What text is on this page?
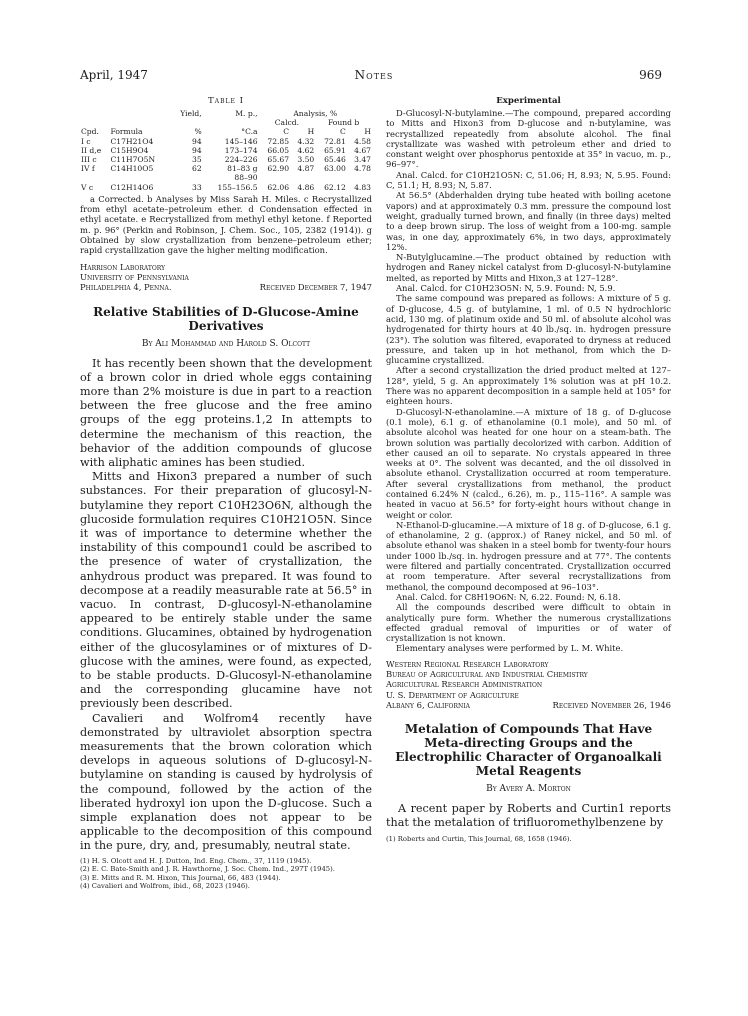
April, 1947	Notes	969
Table I
		Yield,	M. p.,	Analysis, %			
				Calcd.		Found b	
Cpd.	Formula	%	°C.a	C	H	C	H
I c	C17H21O4	94	145–146	72.85	4.32	72.81	4.58
II d,e	C15H9O4	94	173–174	66.05	4.62	65.91	4.67
III c	C11H7O5N	35	224–226	65.67	3.50	65.46	3.47
IV f	C14H10O5	62	81–83 g	62.90	4.87	63.00	4.78
			88–90				
V c	C12H14O6	33	155–156.5	62.06	4.86	62.12	4.83

a Corrected. b Analyses by Miss Sarah H. Miles. c Recrystallized from ethyl acetate–petroleum ether. d Condensation effected in ethyl acetate. e Recrystallized from methyl ethyl ketone. f Reported m. p. 96° (Perkin and Robinson, J. Chem. Soc., 105, 2382 (1914)). g Obtained by slow crystallization from benzene–petroleum ether; rapid crystallization gave the higher melting modification.

Harrison Laboratory

University of Pennsylvania

Philadelphia 4, Penna.	Received December 7, 1947

Relative Stabilities of D-Glucose-Amine Derivatives

By Ali Mohammad and Harold S. Olcott

It has recently been shown that the development of a brown color in dried whole eggs containing more than 2% moisture is due in part to a reaction between the free glucose and the free amino groups of the egg proteins.1,2 In attempts to determine the mechanism of this reaction, the behavior of the addition compounds of glucose with aliphatic amines has been studied.

Mitts and Hixon3 prepared a number of such substances. For their preparation of glucosyl-N-butylamine they report C10H23O6N, although the glucoside formulation requires C10H21O5N. Since it was of importance to determine whether the instability of this compound1 could be ascribed to the presence of water of crystallization, the anhydrous product was prepared. It was found to decompose at a readily measurable rate at 56.5° in vacuo. In contrast, D-glucosyl-N-ethanolamine appeared to be entirely stable under the same conditions. Glucamines, obtained by hydrogenation either of the glucosylamines or of mixtures of D-glucose with the amines, were found, as expected, to be stable products. D-Glucosyl-N-ethanolamine and the corresponding glucamine have not previously been described.

Cavalieri and Wolfrom4 recently have demonstrated by ultraviolet absorption spectra measurements that the brown coloration which develops in aqueous solutions of D-glucosyl-N-butylamine on standing is caused by hydrolysis of the compound, followed by the action of the liberated hydroxyl ion upon the D-glucose. Such a simple explanation does not appear to be applicable to the decomposition of this compound in the pure, dry, and, presumably, neutral state.

(1) H. S. Olcott and H. J. Dutton, Ind. Eng. Chem., 37, 1119 (1945).

(2) E. C. Bate-Smith and J. R. Hawthorne, J. Soc. Chem. Ind., 297T (1945).

(3) E. Mitts and R. M. Hixon, This Journal, 66, 483 (1944).

(4) Cavalieri and Wolfrom, ibid., 68, 2023 (1946).

Experimental

D-Glucosyl-N-butylamine.—The compound, prepared according to Mitts and Hixon3 from D-glucose and n-butylamine, was recrystallized repeatedly from absolute alcohol. The final crystallizate was washed with petroleum ether and dried to constant weight over phosphorus pentoxide at 35° in vacuo, m. p., 96–97°.

Anal. Calcd. for C10H21O5N: C, 51.06; H, 8.93; N, 5.95. Found: C, 51.1; H, 8.93; N, 5.87.

At 56.5° (Abderhalden drying tube heated with boiling acetone vapors) and at approximately 0.3 mm. pressure the compound lost weight, gradually turned brown, and finally (in three days) melted to a deep brown sirup. The loss of weight from a 100-mg. sample was, in one day, approximately 6%, in two days, approximately 12%.

N-Butylglucamine.—The product obtained by reduction with hydrogen and Raney nickel catalyst from D-glucosyl-N-butylamine melted, as reported by Mitts and Hixon,3 at 127–128°.

Anal. Calcd. for C10H23O5N: N, 5.9. Found: N, 5.9.

The same compound was prepared as follows: A mixture of 5 g. of D-glucose, 4.5 g. of butylamine, 1 ml. of 0.5 N hydrochloric acid, 130 mg. of platinum oxide and 50 ml. of absolute alcohol was hydrogenated for thirty hours at 40 lb./sq. in. hydrogen pressure (23°). The solution was filtered, evaporated to dryness at reduced pressure, and taken up in hot methanol, from which the D-glucamine crystallized.

After a second crystallization the dried product melted at 127–128°, yield, 5 g. An approximately 1% solution was at pH 10.2. There was no apparent decomposition in a sample held at 105° for eighteen hours.

D-Glucosyl-N-ethanolamine.—A mixture of 18 g. of D-glucose (0.1 mole), 6.1 g. of ethanolamine (0.1 mole), and 50 ml. of absolute alcohol was heated for one hour on a steam-bath. The brown solution was partially decolorized with carbon. Addition of ether caused an oil to separate. No crystals appeared in three weeks at 0°. The solvent was decanted, and the oil dissolved in absolute ethanol. Crystallization occurred at room temperature. After several crystallizations from methanol, the product contained 6.24% N (calcd., 6.26), m. p., 115–116°. A sample was heated in vacuo at 56.5° for forty-eight hours without change in weight or color.

N-Ethanol-D-glucamine.—A mixture of 18 g. of D-glucose, 6.1 g. of ethanolamine, 2 g. (approx.) of Raney nickel, and 50 ml. of absolute ethanol was shaken in a steel bomb for twenty-four hours under 1000 lb./sq. in. hydrogen pressure and at 77°. The contents were filtered and partially concentrated. Crystallization occurred at room temperature. After several recrystallizations from methanol, the compound decomposed at 96–103°.

Anal. Calcd. for C8H19O6N: N, 6.22. Found: N, 6.18.

All the compounds described were difficult to obtain in analytically pure form. Whether the numerous crystallizations effected gradual removal of impurities or of water of crystallization is not known.

Elementary analyses were performed by L. M. White.

Western Regional Research Laboratory

Bureau of Agricultural and Industrial Chemistry

Agricultural Research Administration

U. S. Department of Agriculture

Albany 6, California	Received November 26, 1946

Metalation of Compounds That Have Meta-directing Groups and the Electrophilic Character of Organoalkali Metal Reagents

By Avery A. Morton

A recent paper by Roberts and Curtin1 reports that the metalation of trifluoromethylbenzene by

(1) Roberts and Curtin, This Journal, 68, 1658 (1946).
